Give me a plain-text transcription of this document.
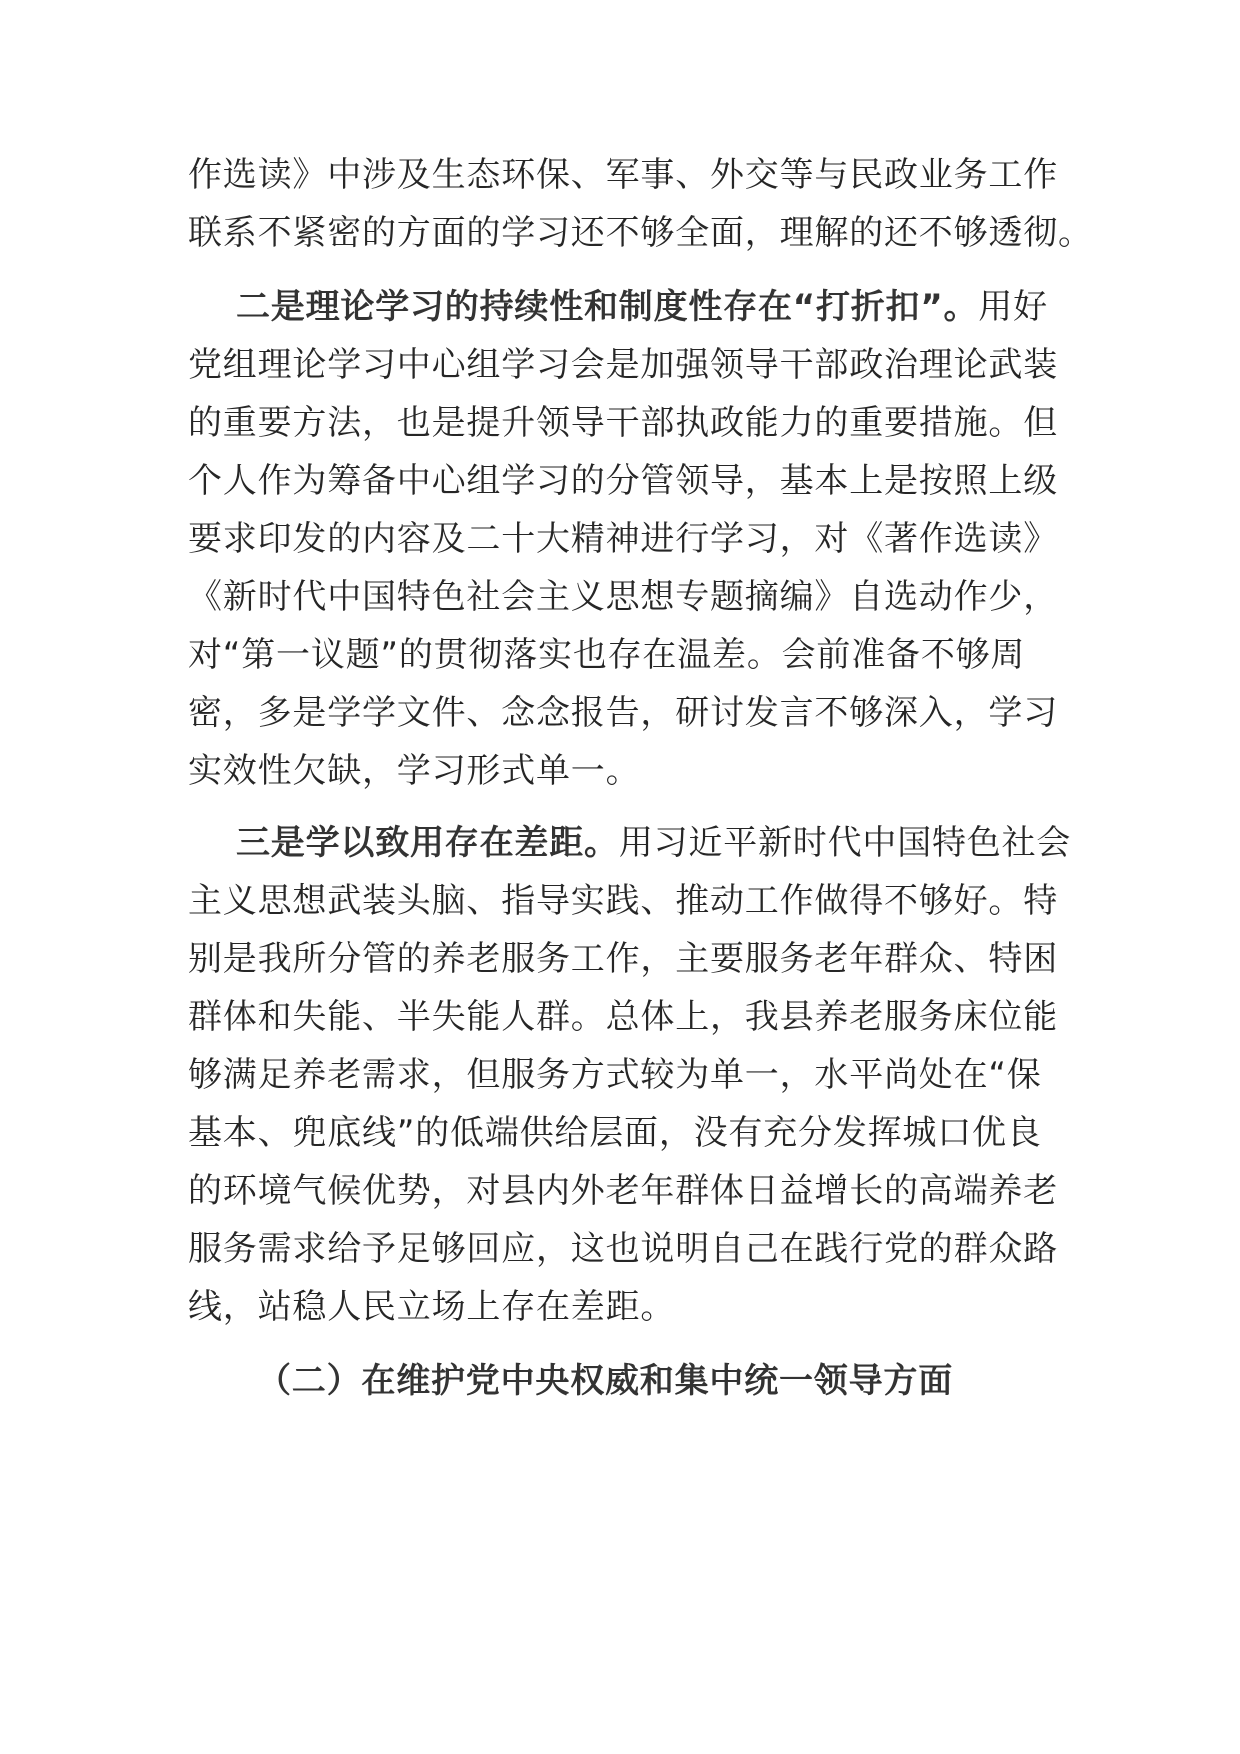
作选读》中涉及生态环保、军事、外交等与民政业务工作
联系不紧密的方面的学习还不够全面，理解的还不够透彻。
二是理论学习的持续性和制度性存在“打折扣”。用好
党组理论学习中心组学习会是加强领导干部政治理论武装
的重要方法，也是提升领导干部执政能力的重要措施。但
个人作为筹备中心组学习的分管领导，基本上是按照上级
要求印发的内容及二十大精神进行学习，对《著作选读》
《新时代中国特色社会主义思想专题摘编》自选动作少，
对“第一议题”的贯彻落实也存在温差。会前准备不够周
密，多是学学文件、念念报告，研讨发言不够深入，学习
实效性欠缺，学习形式单一。
三是学以致用存在差距。用习近平新时代中国特色社会
主义思想武装头脑、指导实践、推动工作做得不够好。特
别是我所分管的养老服务工作，主要服务老年群众、特困
群体和失能、半失能人群。总体上，我县养老服务床位能
够满足养老需求，但服务方式较为单一，水平尚处在“保
基本、兜底线”的低端供给层面，没有充分发挥城口优良
的环境气候优势，对县内外老年群体日益增长的高端养老
服务需求给予足够回应，这也说明自己在践行党的群众路
线，站稳人民立场上存在差距。
（二）在维护党中央权威和集中统一领导方面
